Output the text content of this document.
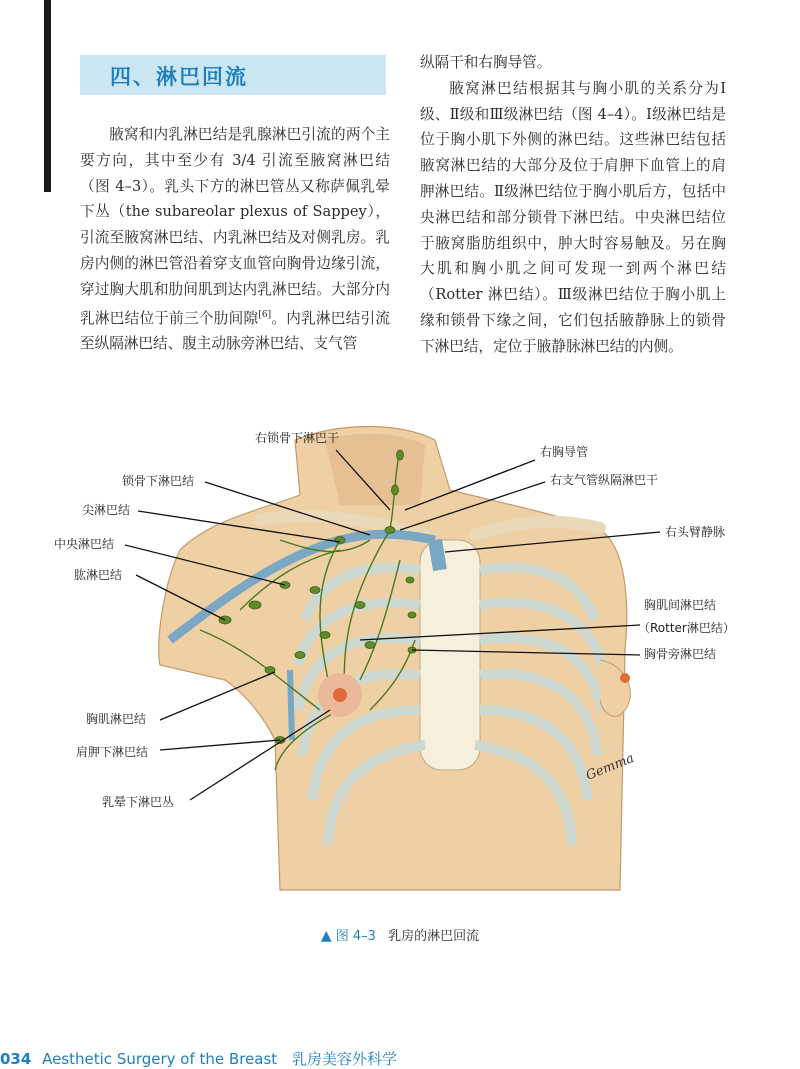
四、淋巴回流

腋窝和内乳淋巴结是乳腺淋巴引流的两个主要方向，其中至少有 3/4 引流至腋窝淋巴结（图 4–3）。乳头下方的淋巴管丛又称萨佩乳晕下丛（the subareolar plexus of Sappey），引流至腋窝淋巴结、内乳淋巴结及对侧乳房。乳房内侧的淋巴管沿着穿支血管向胸骨边缘引流，穿过胸大肌和肋间肌到达内乳淋巴结。大部分内乳淋巴结位于前三个肋间隙[6]。内乳淋巴结引流至纵隔淋巴结、腹主动脉旁淋巴结、支气管

纵隔干和右胸导管。

腋窝淋巴结根据其与胸小肌的关系分为Ⅰ级、Ⅱ级和Ⅲ级淋巴结（图 4–4）。Ⅰ级淋巴结是位于胸小肌下外侧的淋巴结。这些淋巴结包括腋窝淋巴结的大部分及位于肩胛下血管上的肩胛淋巴结。Ⅱ级淋巴结位于胸小肌后方，包括中央淋巴结和部分锁骨下淋巴结。中央淋巴结位于腋窝脂肪组织中，肿大时容易触及。另在胸大肌和胸小肌之间可发现一到两个淋巴结（Rotter 淋巴结）。Ⅲ级淋巴结位于胸小肌上缘和锁骨下缘之间，它们包括腋静脉上的锁骨下淋巴结，定位于腋静脉淋巴结的内侧。

Gemma
右锁骨下淋巴干
右胸导管
右支气管纵隔淋巴干
右头臂静脉
锁骨下淋巴结
尖淋巴结
中央淋巴结
肱淋巴结
胸肌间淋巴结
（Rotter淋巴结）
胸骨旁淋巴结
胸肌淋巴结
肩胛下淋巴结
乳晕下淋巴丛
▲ 图 4–3 乳房的淋巴回流
034 Aesthetic Surgery of the Breast 乳房美容外科学
